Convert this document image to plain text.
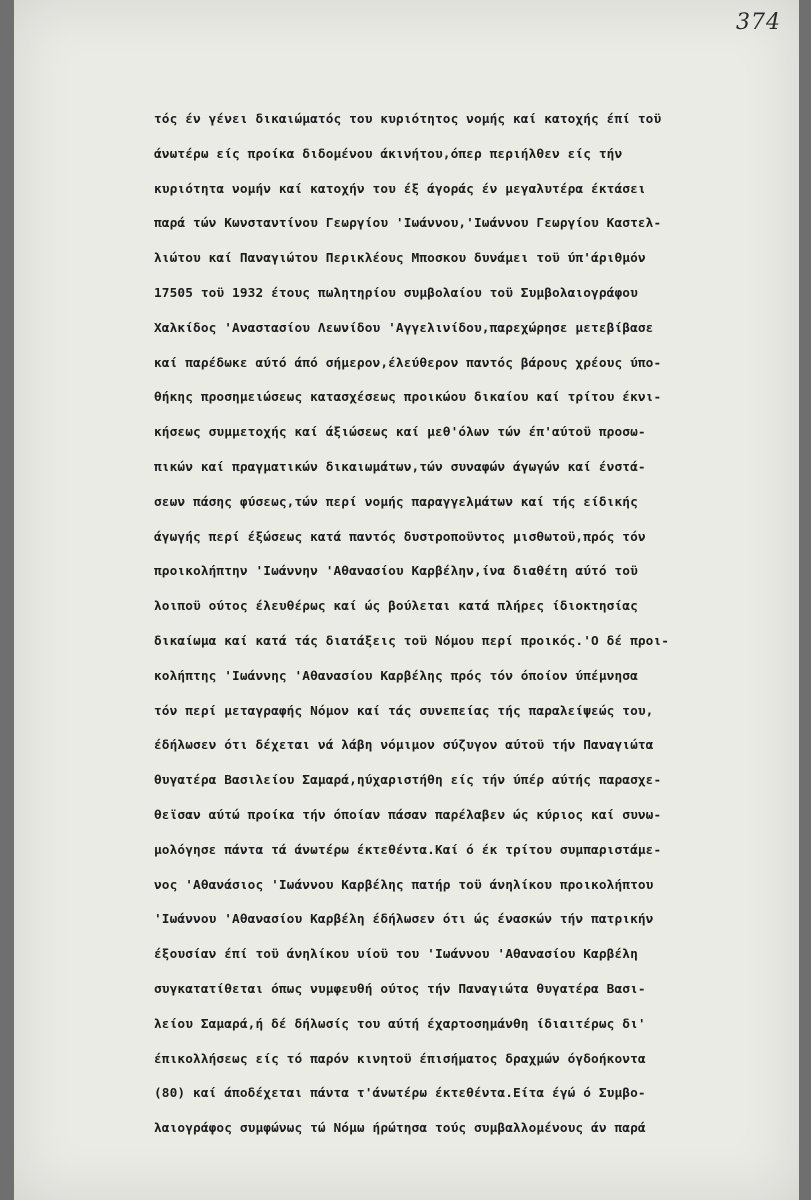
374
τός έν γένει δικαιώματός του κυριότητος νομής καί κατοχής έπί τοϋ
άνωτέρω είς προίκα διδομένου άκινήτου,όπερ περιήλθεν είς τήν
κυριότητα νομήν καί κατοχήν του έξ άγοράς έν μεγαλυτέρα έκτάσει
παρά τών Κωνσταντίνου Γεωργίου 'Ιωάννου,'Ιωάννου Γεωργίου Καστελ-
λιώτου καί Παναγιώτου Περικλέους Μποσκου δυνάμει τοϋ ύπ'άριθμόν
17505 τοϋ 1932 έτους πωλητηρίου συμβολαίου τοϋ Συμβολαιογράφου
Χαλκίδος 'Αναστασίου Λεωνίδου 'Αγγελινίδου,παρεχώρησε μετεβίβασε
καί παρέδωκε αύτό άπό σήμερον,έλεύθερον παντός βάρους χρέους ύπο-
θήκης προσημειώσεως κατασχέσεως προικώου δικαίου καί τρίτου έκνι-
κήσεως συμμετοχής καί άξιώσεως καί μεθ'όλων τών έπ'αύτοϋ προσω-
πικών καί πραγματικών δικαιωμάτων,τών συναφών άγωγών καί ένστά-
σεων πάσης φύσεως,τών περί νομής παραγγελμάτων καί τής είδικής
άγωγής περί έξώσεως κατά παντός δυστροποϋντος μισθωτοϋ,πρός τόν
προικολήπτην 'Ιωάννην 'Αθανασίου Καρβέλην,ίνα διαθέτη αύτό τοϋ
λοιποϋ ούτος έλευθέρως καί ώς βούλεται κατά πλήρες ίδιοκτησίας
δικαίωμα καί κατά τάς διατάξεις τοϋ Νόμου περί προικός.'Ο δέ προι-
κολήπτης 'Ιωάννης 'Αθανασίου Καρβέλης πρός τόν όποίον ύπέμνησα
τόν περί μεταγραφής Νόμον καί τάς συνεπείας τής παραλείψεώς του,
έδήλωσεν ότι δέχεται νά λάβη νόμιμον σύζυγον αύτοϋ τήν Παναγιώτα
θυγατέρα Βασιλείου Σαμαρά,ηύχαριστήθη είς τήν ύπέρ αύτής παρασχε-
θεϊσαν αύτώ προίκα τήν όποίαν πάσαν παρέλαβεν ώς κύριος καί συνω-
μολόγησε πάντα τά άνωτέρω έκτεθέντα.Καί ό έκ τρίτου συμπαριστάμε-
νος 'Αθανάσιος 'Ιωάννου Καρβέλης πατήρ τοϋ άνηλίκου προικολήπτου
'Ιωάννου 'Αθανασίου Καρβέλη έδήλωσεν ότι ώς ένασκών τήν πατρικήν
έξουσίαν έπί τοϋ άνηλίκου υίοϋ του 'Ιωάννου 'Αθανασίου Καρβέλη
συγκατατίθεται όπως νυμφευθή ούτος τήν Παναγιώτα θυγατέρα Βασι-
λείου Σαμαρά,ή δέ δήλωσίς του αύτή έχαρτοσημάνθη ίδιαιτέρως δι'
έπικολλήσεως είς τό παρόν κινητοϋ έπισήματος δραχμών όγδοήκοντα
(80) καί άποδέχεται πάντα τ'άνωτέρω έκτεθέντα.Είτα έγώ ό Συμβο-
λαιογράφος συμφώνως τώ Νόμω ήρώτησα τούς συμβαλλομένους άν παρά
